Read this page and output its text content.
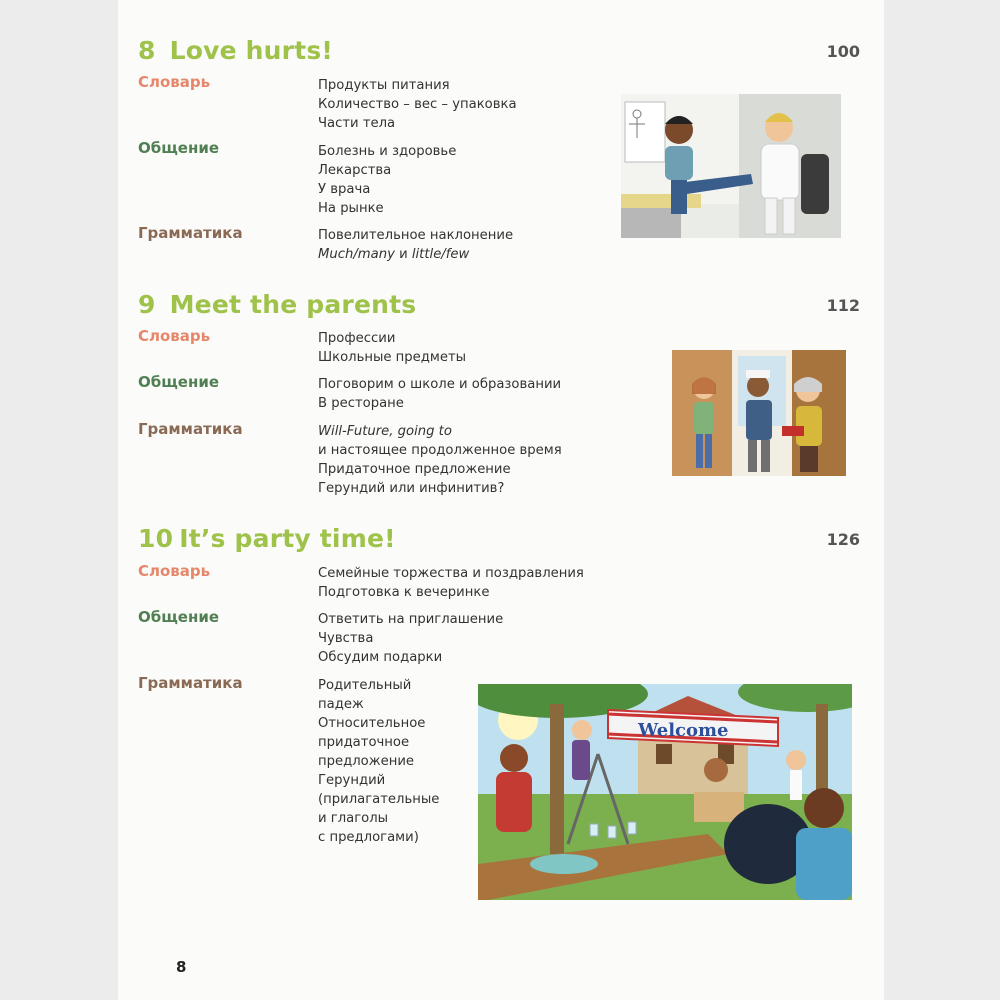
8 Love hurts!	100
Словарь	Продукты питания
Количество – вес – упаковка
Части тела
Общение	Болезнь и здоровье
Лекарства
У врача
На рынке
Грамматика	Повелительное наклонение
Much/many и little/few
9 Meet the parents	112
Словарь	Профессии
Школьные предметы
Общение	Поговорим о школе и образовании
В ресторане
Грамматика	Will-Future, going to
и настоящее продолженное время
Придаточное предложение
Герундий или инфинитив?
10 It’s party time!	126
Словарь	Семейные торжества и поздравления
Подготовка к вечеринке
Общение	Ответить на приглашение
Чувства
Обсудим подарки
Грамматика	Родительный
падеж
Относительное
придаточное
предложение
Герундий
(прилагательные
и глаголы
с предлогами)
Welcome
8
